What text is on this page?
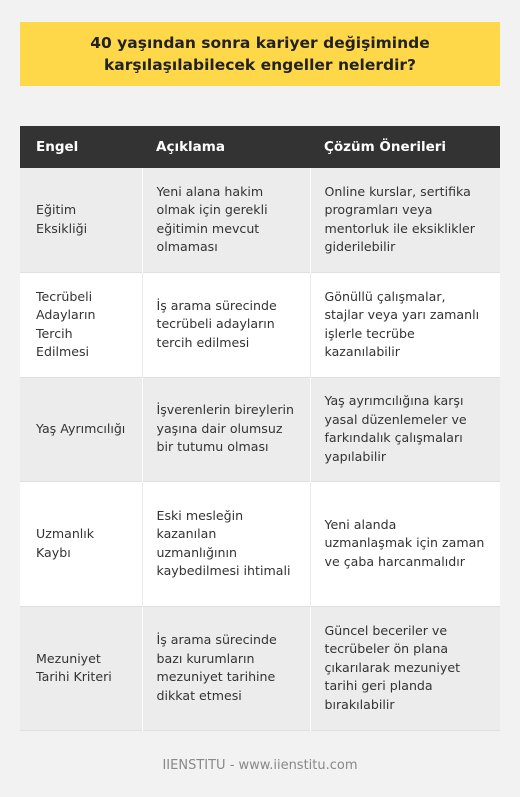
40 yaşından sonra kariyer değişiminde karşılaşılabilecek engeller nelerdir?
Engel	Açıklama	Çözüm Önerileri
Eğitim Eksikliği	Yeni alana hakim olmak için gerekli eğitimin mevcut olmaması	Online kurslar, sertifika programları veya mentorluk ile eksiklikler giderilebilir
Tecrübeli Adayların Tercih Edilmesi	İş arama sürecinde tecrübeli adayların tercih edilmesi	Gönüllü çalışmalar, stajlar veya yarı zamanlı işlerle tecrübe kazanılabilir
Yaş Ayrımcılığı	İşverenlerin bireylerin yaşına dair olumsuz bir tutumu olması	Yaş ayrımcılığına karşı yasal düzenlemeler ve farkındalık çalışmaları yapılabilir
Uzmanlık Kaybı	Eski mesleğin kazanılan uzmanlığının kaybedilmesi ihtimali	Yeni alanda uzmanlaşmak için zaman ve çaba harcanmalıdır
Mezuniyet Tarihi Kriteri	İş arama sürecinde bazı kurumların mezuniyet tarihine dikkat etmesi	Güncel beceriler ve tecrübeler ön plana çıkarılarak mezuniyet tarihi geri planda bırakılabilir
IIENSTITU - www.iienstitu.com
